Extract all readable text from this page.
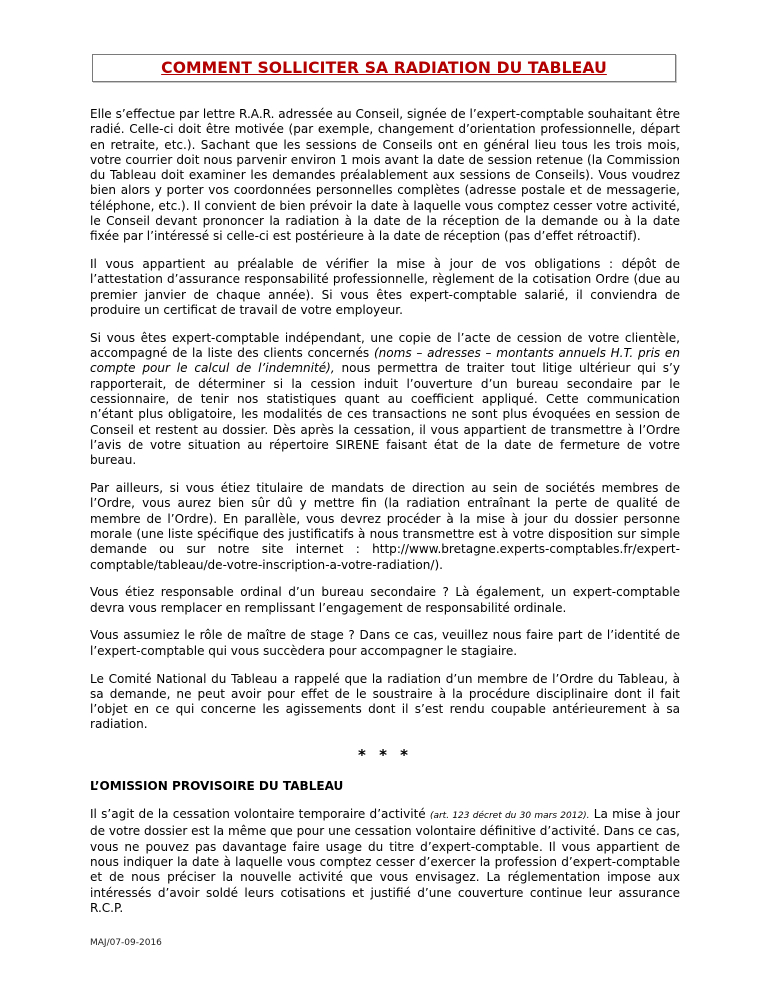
COMMENT SOLLICITER SA RADIATION DU TABLEAU

Elle s’effectue par lettre R.A.R. adressée au Conseil, signée de l’expert-comptable souhaitant être radié. Celle-ci doit être motivée (par exemple, changement d’orientation professionnelle, départ en retraite, etc.). Sachant que les sessions de Conseils ont en général lieu tous les trois mois, votre courrier doit nous parvenir environ 1 mois avant la date de session retenue (la Commission du Tableau doit examiner les demandes préalablement aux sessions de Conseils). Vous voudrez bien alors y porter vos coordonnées personnelles complètes (adresse postale et de messagerie, téléphone, etc.). Il convient de bien prévoir la date à laquelle vous comptez cesser votre activité, le Conseil devant prononcer la radiation à la date de la réception de la demande ou à la date fixée par l’intéressé si celle-ci est postérieure à la date de réception (pas d’effet rétroactif).

Il vous appartient au préalable de vérifier la mise à jour de vos obligations : dépôt de l’attestation d’assurance responsabilité professionnelle, règlement de la cotisation Ordre (due au premier janvier de chaque année). Si vous êtes expert-comptable salarié, il conviendra de produire un certificat de travail de votre employeur.

Si vous êtes expert-comptable indépendant, une copie de l’acte de cession de votre clientèle, accompagné de la liste des clients concernés (noms – adresses – montants annuels H.T. pris en compte pour le calcul de l’indemnité), nous permettra de traiter tout litige ultérieur qui s’y rapporterait, de déterminer si la cession induit l’ouverture d’un bureau secondaire par le cessionnaire, de tenir nos statistiques quant au coefficient appliqué. Cette communication n’étant plus obligatoire, les modalités de ces transactions ne sont plus évoquées en session de Conseil et restent au dossier. Dès après la cessation, il vous appartient de transmettre à l’Ordre l’avis de votre situation au répertoire SIRENE faisant état de la date de fermeture de votre bureau.

Par ailleurs, si vous étiez titulaire de mandats de direction au sein de sociétés membres de l’Ordre, vous aurez bien sûr dû y mettre fin (la radiation entraînant la perte de qualité de membre de l’Ordre). En parallèle, vous devrez procéder à la mise à jour du dossier personne morale (une liste spécifique des justificatifs à nous transmettre est à votre disposition sur simple demande ou sur notre site internet : http://www.bretagne.experts-comptables.fr/expert-comptable/tableau/de-votre-inscription-a-votre-radiation/).

Vous étiez responsable ordinal d’un bureau secondaire ? Là également, un expert-comptable devra vous remplacer en remplissant l’engagement de responsabilité ordinale.

Vous assumiez le rôle de maître de stage ? Dans ce cas, veuillez nous faire part de l’identité de l’expert-comptable qui vous succèdera pour accompagner le stagiaire.

Le Comité National du Tableau a rappelé que la radiation d’un membre de l’Ordre du Tableau, à sa demande, ne peut avoir pour effet de le soustraire à la procédure disciplinaire dont il fait l’objet en ce qui concerne les agissements dont il s’est rendu coupable antérieurement à sa radiation.

* * *
L’OMISSION PROVISOIRE DU TABLEAU

Il s’agit de la cessation volontaire temporaire d’activité (art. 123 décret du 30 mars 2012). La mise à jour de votre dossier est la même que pour une cessation volontaire définitive d’activité. Dans ce cas, vous ne pouvez pas davantage faire usage du titre d’expert-comptable. Il vous appartient de nous indiquer la date à laquelle vous comptez cesser d’exercer la profession d’expert-comptable et de nous préciser la nouvelle activité que vous envisagez. La réglementation impose aux intéressés d’avoir soldé leurs cotisations et justifié d’une couverture continue leur assurance R.C.P.

MAJ/07-09-2016
